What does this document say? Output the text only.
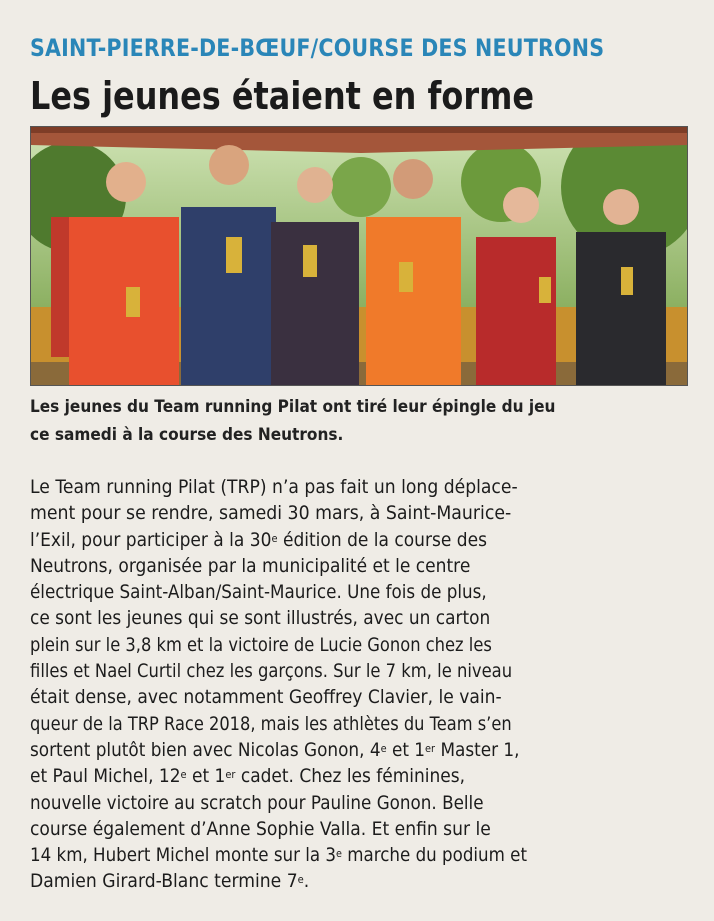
SAINT-PIERRE-DE-BŒUF/COURSE DES NEUTRONS
Les jeunes étaient en forme
Les jeunes du Team running Pilat ont tiré leur épingle du jeu
ce samedi à la course des Neutrons.
Le Team running Pilat (TRP) n’a pas fait un long déplace-
ment pour se rendre, samedi 30 mars, à Saint-Maurice-
l’Exil, pour participer à la 30e édition de la course des
Neutrons, organisée par la municipalité et le centre
électrique Saint-Alban/Saint-Maurice. Une fois de plus,
ce sont les jeunes qui se sont illustrés, avec un carton
plein sur le 3,8 km et la victoire de Lucie Gonon chez les
filles et Nael Curtil chez les garçons. Sur le 7 km, le niveau
était dense, avec notamment Geoffrey Clavier, le vain-
queur de la TRP Race 2018, mais les athlètes du Team s’en
sortent plutôt bien avec Nicolas Gonon, 4e et 1er Master 1,
et Paul Michel, 12e et 1er cadet. Chez les féminines,
nouvelle victoire au scratch pour Pauline Gonon. Belle
course également d’Anne Sophie Valla. Et enfin sur le
14 km, Hubert Michel monte sur la 3e marche du podium et
Damien Girard-Blanc termine 7e.
